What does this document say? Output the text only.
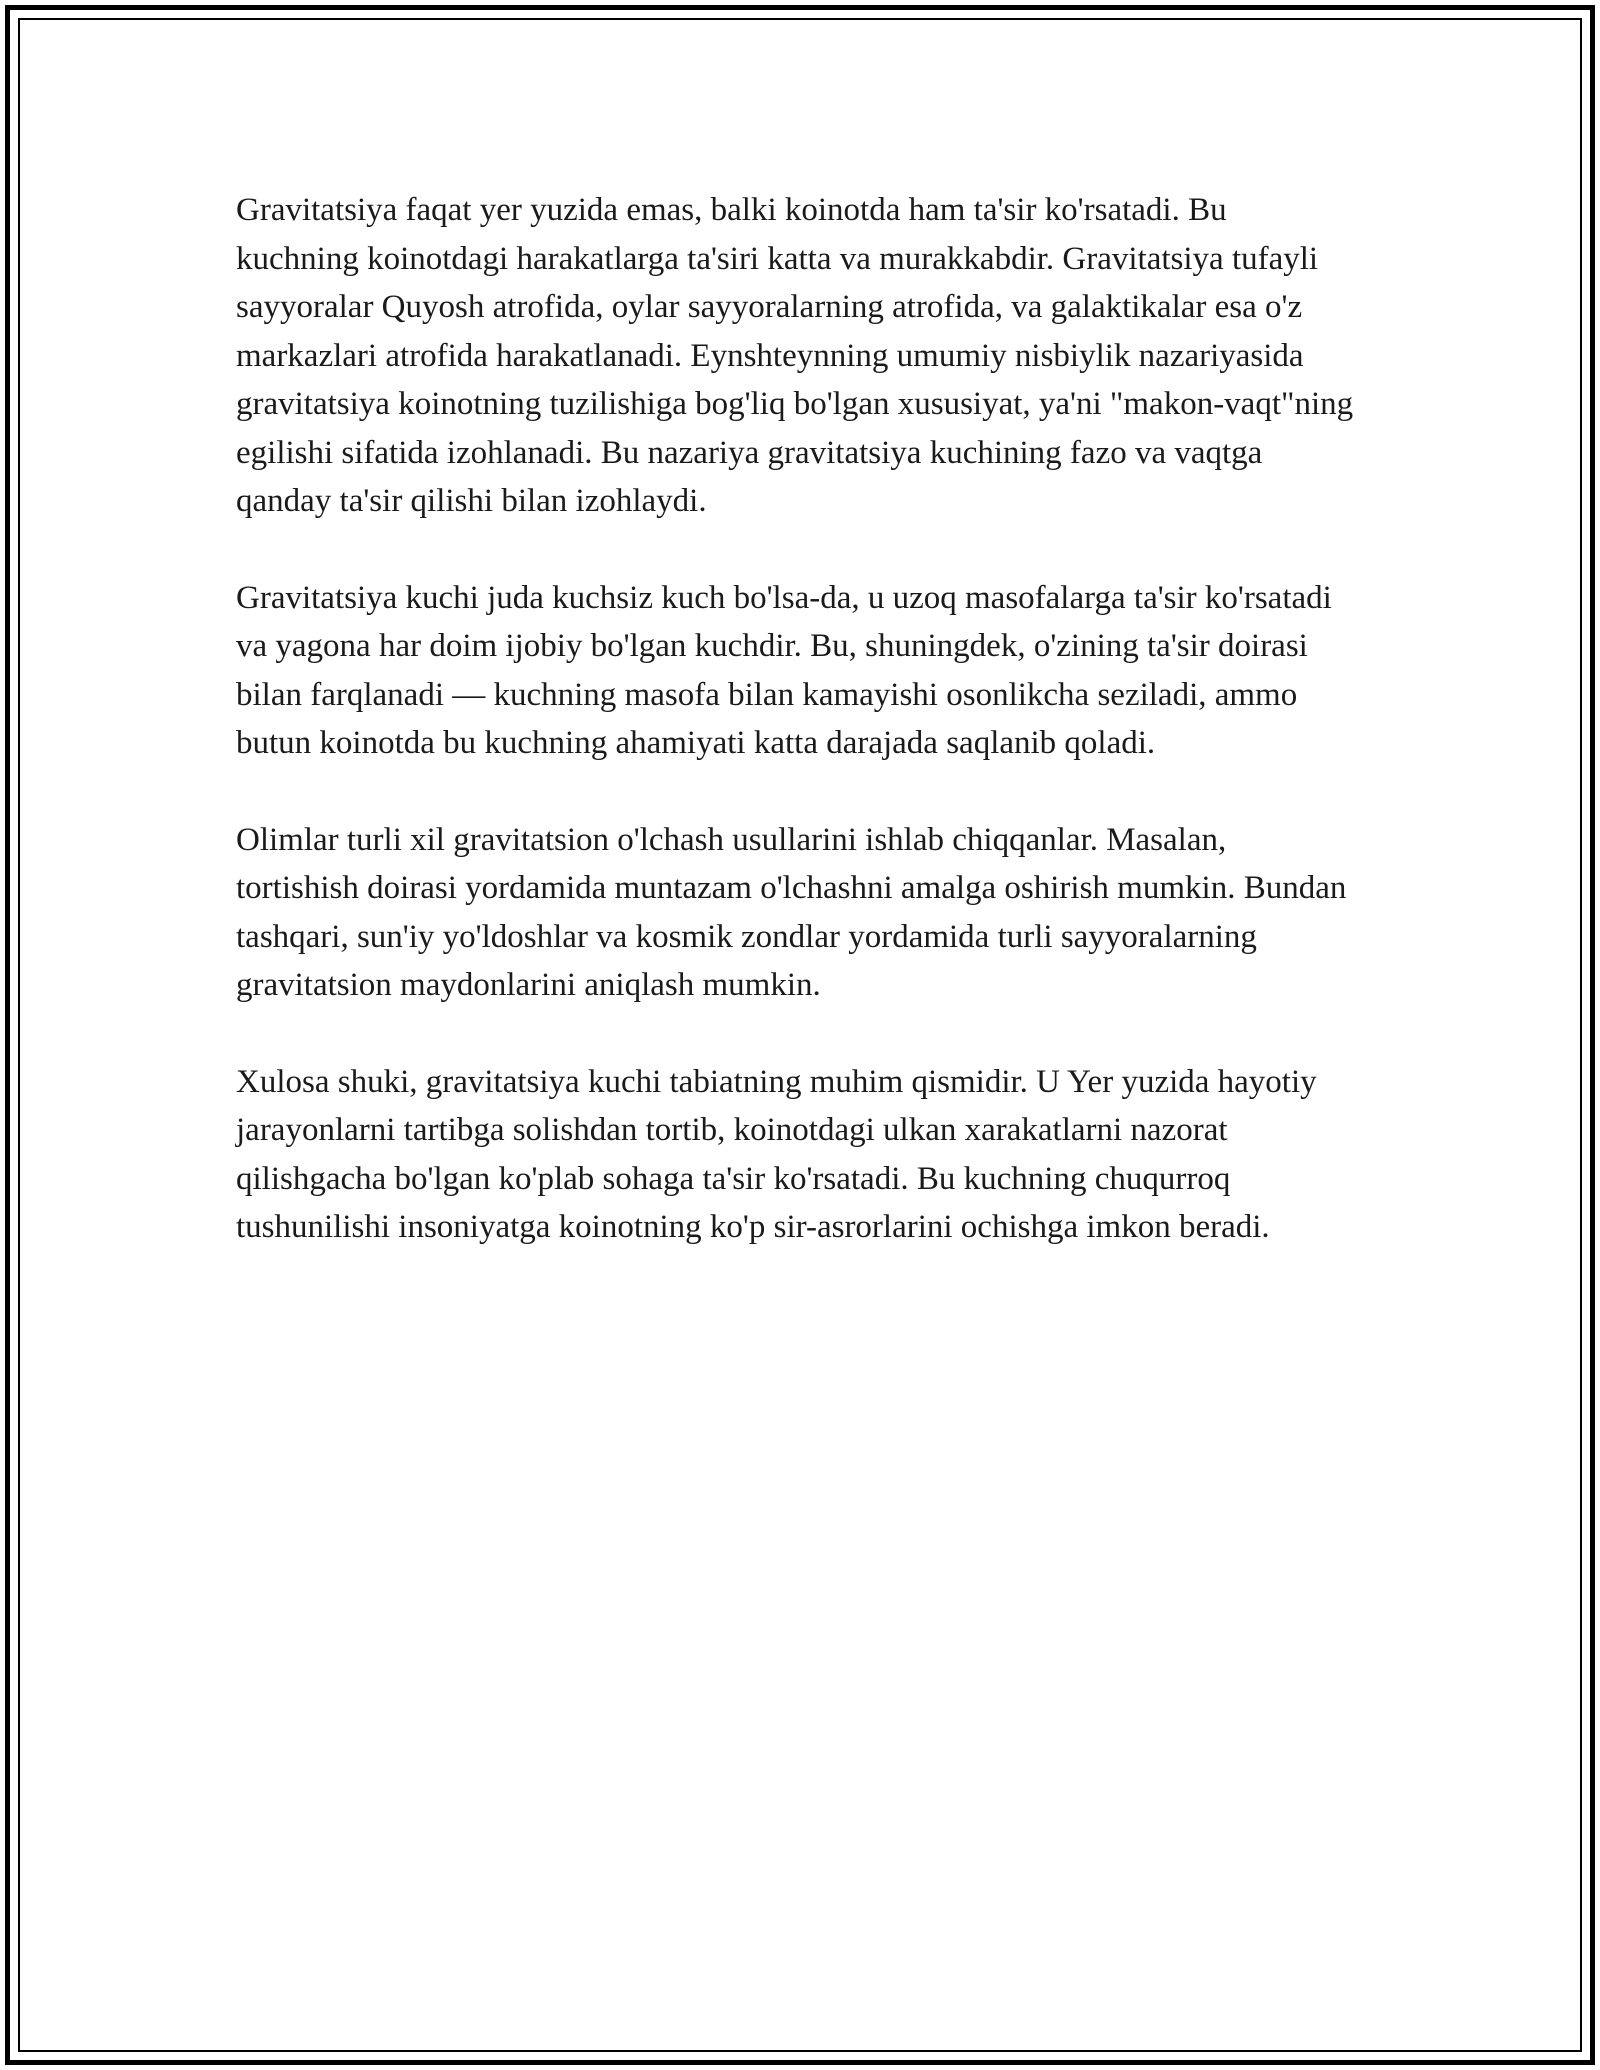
Gravitatsiya faqat yer yuzida emas, balki koinotda ham ta'sir ko'rsatadi. Bu kuchning koinotdagi harakatlarga ta'siri katta va murakkabdir. Gravitatsiya tufayli sayyoralar Quyosh atrofida, oylar sayyoralarning atrofida, va galaktikalar esa o'z markazlari atrofida harakatlanadi. Eynshteynning umumiy nisbiylik nazariyasida gravitatsiya koinotning tuzilishiga bog'liq bo'lgan xususiyat, ya'ni "makon-vaqt"ning egilishi sifatida izohlanadi. Bu nazariya gravitatsiya kuchining fazo va vaqtga qanday ta'sir qilishi bilan izohlaydi.

Gravitatsiya kuchi juda kuchsiz kuch bo'lsa-da, u uzoq masofalarga ta'sir ko'rsatadi va yagona har doim ijobiy bo'lgan kuchdir. Bu, shuningdek, o'zining ta'sir doirasi bilan farqlanadi — kuchning masofa bilan kamayishi osonlikcha seziladi, ammo butun koinotda bu kuchning ahamiyati katta darajada saqlanib qoladi.

Olimlar turli xil gravitatsion o'lchash usullarini ishlab chiqqanlar. Masalan, tortishish doirasi yordamida muntazam o'lchashni amalga oshirish mumkin. Bundan tashqari, sun'iy yo'ldoshlar va kosmik zondlar yordamida turli sayyoralarning gravitatsion maydonlarini aniqlash mumkin.

Xulosa shuki, gravitatsiya kuchi tabiatning muhim qismidir. U Yer yuzida hayotiy jarayonlarni tartibga solishdan tortib, koinotdagi ulkan xarakatlarni nazorat qilishgacha bo'lgan ko'plab sohaga ta'sir ko'rsatadi. Bu kuchning chuqurroq tushunilishi insoniyatga koinotning ko'p sir-asrorlarini ochishga imkon beradi.
